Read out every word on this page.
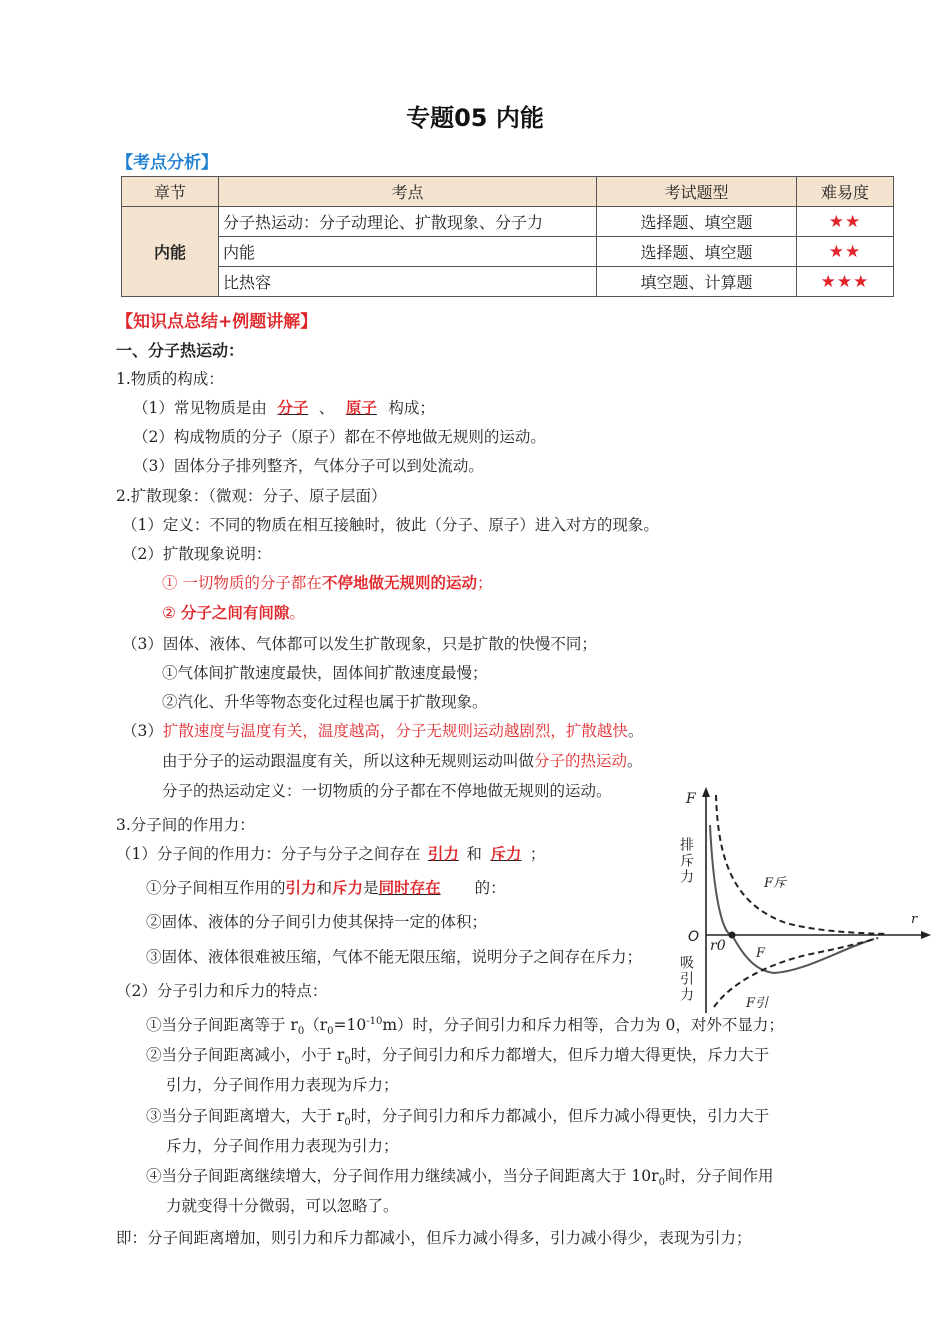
专题05 内能
【考点分析】
章节	考点	考试题型	难易度
内能	分子热运动：分子动理论、扩散现象、分子力	选择题、填空题	★★
	内能	选择题、填空题	★★
	比热容	填空题、计算题	★★★
【知识点总结+例题讲解】
一、分子热运动：
1.物质的构成：
（1）常见物质是由 分子 、 原子 构成；
（2）构成物质的分子（原子）都在不停地做无规则的运动。
（3）固体分子排列整齐，气体分子可以到处流动。
2.扩散现象：（微观：分子、原子层面）
（1）定义：不同的物质在相互接触时，彼此（分子、原子）进入对方的现象。
（2）扩散现象说明：
① 一切物质的分子都在不停地做无规则的运动；
② 分子之间有间隙。
（3）固体、液体、气体都可以发生扩散现象，只是扩散的快慢不同；
①气体间扩散速度最快，固体间扩散速度最慢；
②汽化、升华等物态变化过程也属于扩散现象。
（3）扩散速度与温度有关，温度越高，分子无规则运动越剧烈，扩散越快。
由于分子的运动跟温度有关，所以这种无规则运动叫做分子的热运动。
分子的热运动定义：一切物质的分子都在不停地做无规则的运动。
3.分子间的作用力：
（1）分子间的作用力：分子与分子之间存在 引力 和 斥力 ；
①分子间相互作用的引力和斥力是同时存在 的：
②固体、液体的分子间引力使其保持一定的体积；
③固体、液体很难被压缩，气体不能无限压缩，说明分子之间存在斥力；
（2）分子引力和斥力的特点：
①当分子间距离等于 $r_0(r_0=10^{-10}m)$时，分子间引力和斥力相等，合力为 0，对外不显力；
②当分子间距离减小，小于 $r_0$时，分子间引力和斥力都增大，但斥力增大得更快，斥力大于
引力，分子间作用力表现为斥力；
③当分子间距离增大，大于 $r_0$时，分子间引力和斥力都减小，但斥力减小得更快，引力大于
斥力，分子间作用力表现为引力；
④当分子间距离继续增大，分子间作用力继续减小，当分子间距离大于 $10r_0$时，分子间作用
力就变得十分微弱，可以忽略了。
即：分子间距离增加，则引力和斥力都减小，但斥力减小得多，引力减小得少，表现为引力；
F
r
O
r0
F斥
F
F引
排斥力
吸引力
